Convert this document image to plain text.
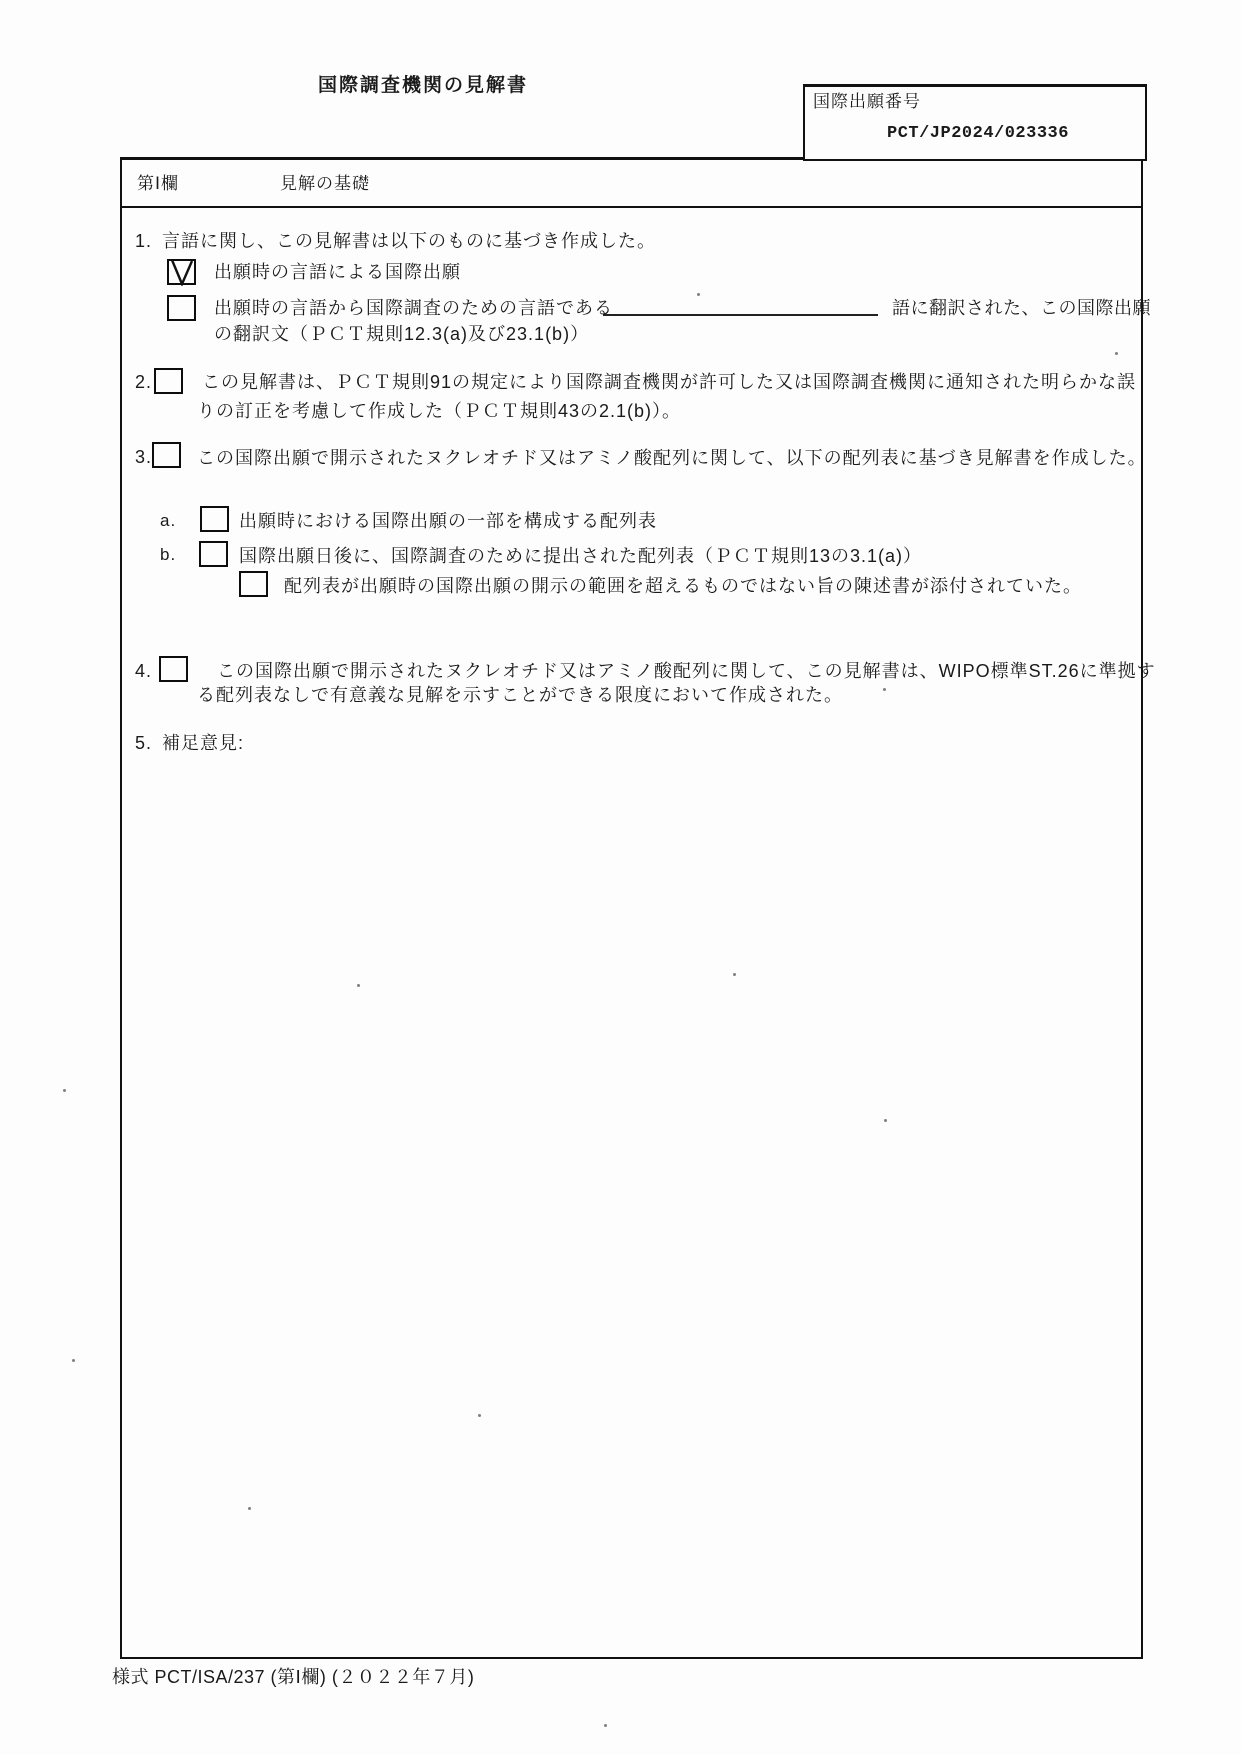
国際調査機関の見解書
国際出願番号
PCT/JP2024/023336
第Ⅰ欄	見解の基礎
1. 言語に関し、この見解書は以下のものに基づき作成した。
出願時の言語による国際出願
出願時の言語から国際調査のための言語である	語に翻訳された、この国際出願
の翻訳文（ＰＣＴ規則12.3(a)及び23.1(b)）
2.	この見解書は、ＰＣＴ規則91の規定により国際調査機関が許可した又は国際調査機関に通知された明らかな誤
りの訂正を考慮して作成した（ＰＣＴ規則43の2.1(b)）。
3. この国際出願で開示されたヌクレオチド又はアミノ酸配列に関して、以下の配列表に基づき見解書を作成した。
a.	出願時における国際出願の一部を構成する配列表
b.	国際出願日後に、国際調査のために提出された配列表（ＰＣＴ規則13の3.1(a)）
配列表が出願時の国際出願の開示の範囲を超えるものではない旨の陳述書が添付されていた。
4.	この国際出願で開示されたヌクレオチド又はアミノ酸配列に関して、この見解書は、WIPO標準ST.26に準拠す
る配列表なしで有意義な見解を示すことができる限度において作成された。
5. 補足意見:
様式 PCT/ISA/237 (第Ⅰ欄) (２０２２年７月)
